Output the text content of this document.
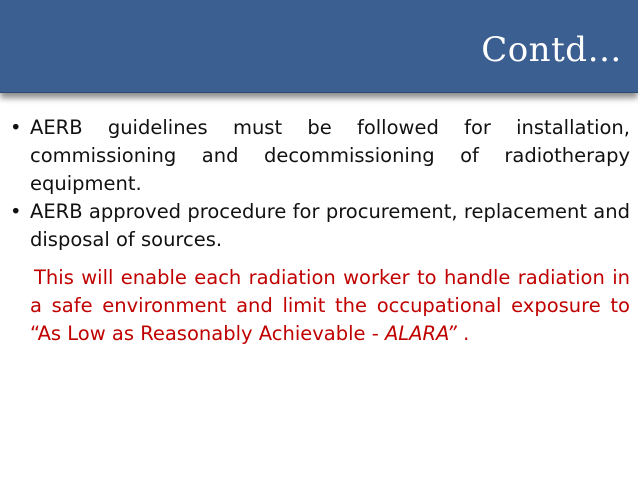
Contd…
• AERB guidelines must be followed for installation, commissioning and decommissioning of radiotherapy equipment.
• AERB approved procedure for procurement, replacement and disposal of sources.

This will enable each radiation worker to handle radiation in a safe environment and limit the occupational exposure to “As Low as Reasonably Achievable - ALARA” .
